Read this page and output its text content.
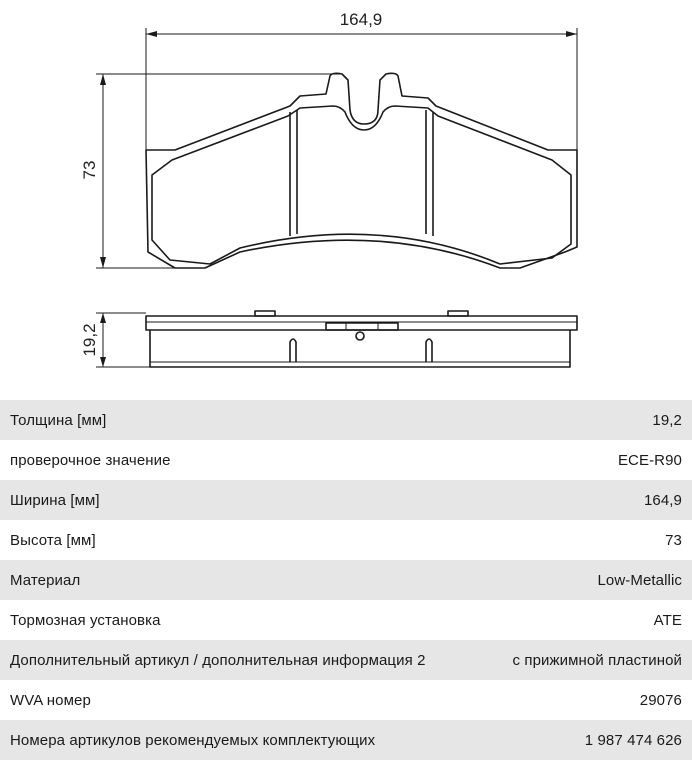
164,9
73
19,2
Толщина [мм]	19,2
проверочное значение	ECE-R90
Ширина [мм]	164,9
Высота [мм]	73
Материал	Low-Metallic
Тормозная установка	ATE
Дополнительный артикул / дополнительная информация 2	с прижимной пластиной
WVA номер	29076
Номера артикулов рекомендуемых комплектующих	1 987 474 626
